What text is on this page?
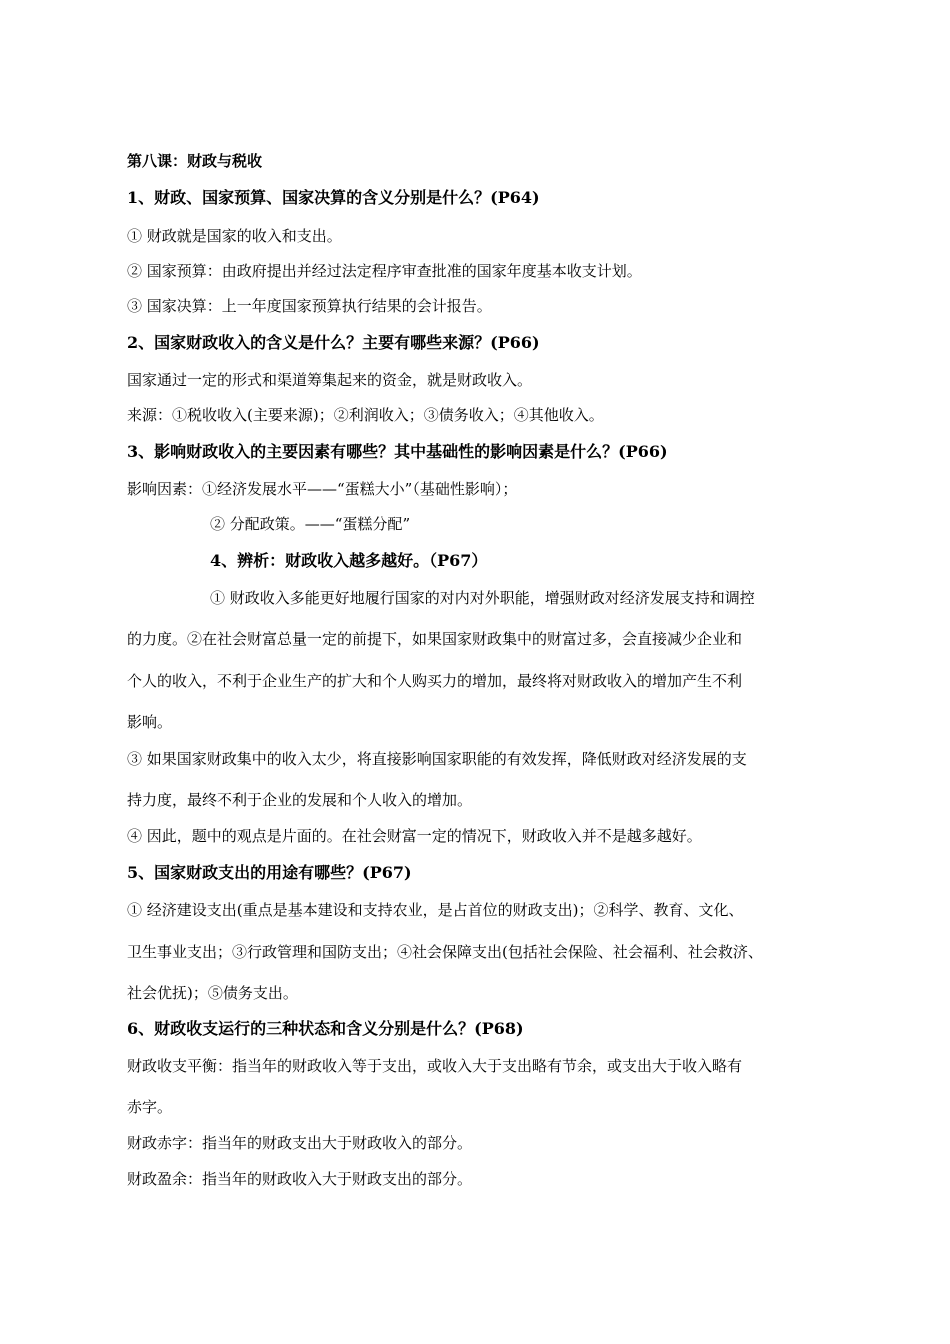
第八课：财政与税收
1、财政、国家预算、国家决算的含义分别是什么？(P64)
① 财政就是国家的收入和支出。
② 国家预算：由政府提出并经过法定程序审查批准的国家年度基本收支计划。
③ 国家决算：上一年度国家预算执行结果的会计报告。
2、国家财政收入的含义是什么？主要有哪些来源？(P66)
国家通过一定的形式和渠道筹集起来的资金，就是财政收入。
来源：①税收收入(主要来源)；②利润收入；③债务收入；④其他收入。
3、影响财政收入的主要因素有哪些？其中基础性的影响因素是什么？(P66)
影响因素：①经济发展水平——“蛋糕大小”（基础性影响）；
② 分配政策。——“蛋糕分配”
4、辨析：财政收入越多越好。（P67）
① 财政收入多能更好地履行国家的对内对外职能，增强财政对经济发展支持和调控
的力度。②在社会财富总量一定的前提下，如果国家财政集中的财富过多，会直接减少企业和
个人的收入，不利于企业生产的扩大和个人购买力的增加，最终将对财政收入的增加产生不利
影响。
③ 如果国家财政集中的收入太少，将直接影响国家职能的有效发挥，降低财政对经济发展的支
持力度，最终不利于企业的发展和个人收入的增加。
④ 因此，题中的观点是片面的。在社会财富一定的情况下，财政收入并不是越多越好。
5、国家财政支出的用途有哪些？(P67)
① 经济建设支出(重点是基本建设和支持农业，是占首位的财政支出)；②科学、教育、文化、
卫生事业支出；③行政管理和国防支出；④社会保障支出(包括社会保险、社会福利、社会救济、
社会优抚)；⑤债务支出。
6、财政收支运行的三种状态和含义分别是什么？(P68)
财政收支平衡：指当年的财政收入等于支出，或收入大于支出略有节余，或支出大于收入略有
赤字。
财政赤字：指当年的财政支出大于财政收入的部分。
财政盈余：指当年的财政收入大于财政支出的部分。
